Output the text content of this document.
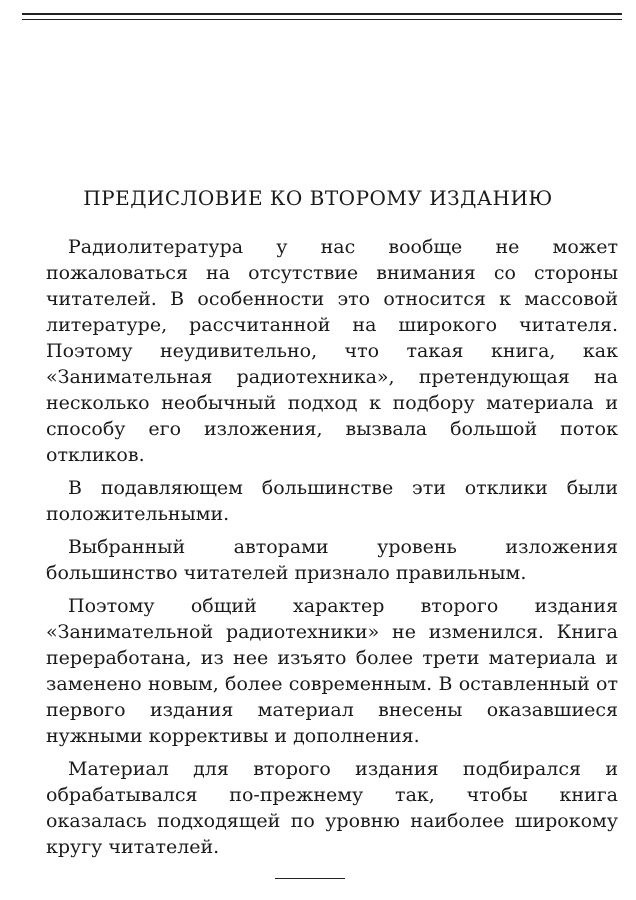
ПРЕДИСЛОВИЕ КО ВТОРОМУ ИЗДАНИЮ

Радиолитература у нас вообще не может пожаловаться на отсутствие внимания со стороны читателей. В особенности это относится к массовой литературе, рассчитанной на широкого читателя. Поэтому неудивительно, что такая книга, как «Занимательная радиотехника», претендующая на несколько необычный подход к подбору материала и способу его изложения, вызвала большой поток откликов.

В подавляющем большинстве эти отклики были положительными.

Выбранный авторами уровень изложения большинство читателей признало правильным.

Поэтому общий характер второго издания «Занимательной радиотехники» не изменился. Книга переработана, из нее изъято более трети материала и заменено новым, более современным. В оставленный от первого издания материал внесены оказавшиеся нужными коррективы и дополнения.

Материал для второго издания подбирался и обрабатывался по-прежнему так, чтобы книга оказалась подходящей по уровню наиболее широкому кругу читателей.
